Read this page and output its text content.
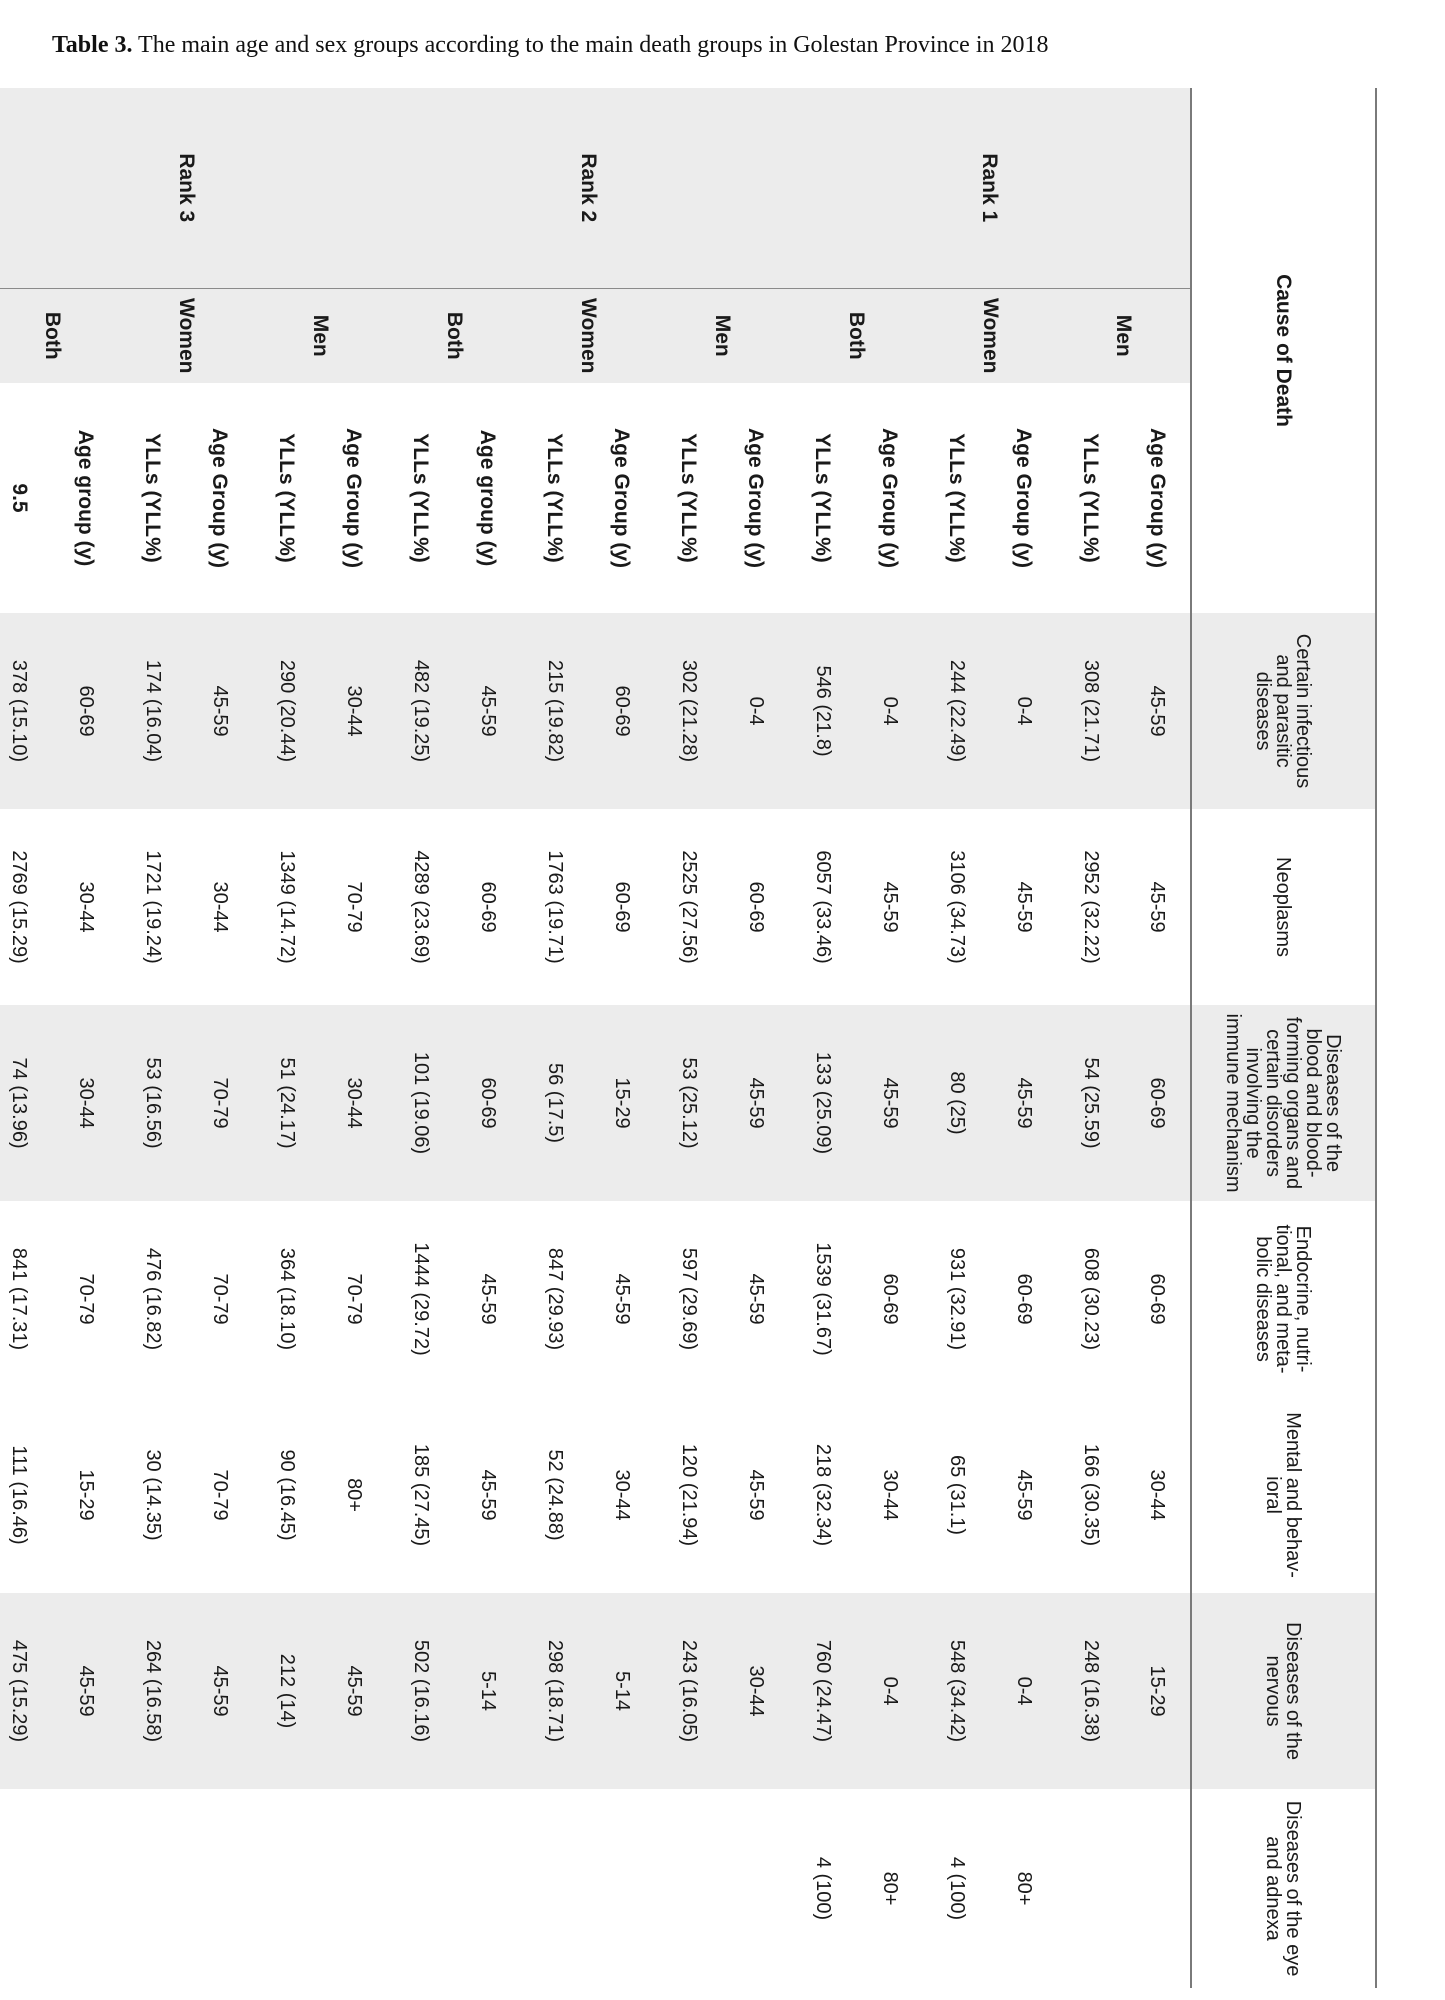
Table 3. The main age and sex groups according to the main death groups in Golestan Province in 2018
Cause of Death			Certain infectious and parasitic diseases	Neoplasms	Diseases of the blood and blood-forming organs and certain disorders involving the immune mechanism	Endocrine, nutri-tional, and meta-bolic diseases	Mental and behav-ioral	Diseases of the nervous	Diseases of the eye and adnexa
Rank 1	Men	Age Group (y)	45-59	45-59	60-69	60-69	30-44	15-29	
		YLLs (YLL%)	308 (21.71)	2952 (32.22)	54 (25.59)	608 (30.23)	166 (30.35)	248 (16.38)	
	Women	Age Group (y)	0-4	45-59	45-59	60-69	45-59	0-4	80+
		YLLs (YLL%)	244 (22.49)	3106 (34.73)	80 (25)	931 (32.91)	65 (31.1)	548 (34.42)	4 (100)
	Both	Age Group (y)	0-4	45-59	45-59	60-69	30-44	0-4	80+
		YLLs (YLL%)	546 (21.8)	6057 (33.46)	133 (25.09)	1539 (31.67)	218 (32.34)	760 (24.47)	4 (100)
Rank 2	Men	Age Group (y)	0-4	60-69	45-59	45-59	45-59	30-44	
		YLLs (YLL%)	302 (21.28)	2525 (27.56)	53 (25.12)	597 (29.69)	120 (21.94)	243 (16.05)	
	Women	Age Group (y)	60-69	60-69	15-29	45-59	30-44	5-14	
		YLLs (YLL%)	215 (19.82)	1763 (19.71)	56 (17.5)	847 (29.93)	52 (24.88)	298 (18.71)	
	Both	Age group (y)	45-59	60-69	60-69	45-59	45-59	5-14	
		YLLs (YLL%)	482 (19.25)	4289 (23.69)	101 (19.06)	1444 (29.72)	185 (27.45)	502 (16.16)	
Rank 3	Men	Age Group (y)	30-44	70-79	30-44	70-79	80+	45-59	
		YLLs (YLL%)	290 (20.44)	1349 (14.72)	51 (24.17)	364 (18.10)	90 (16.45)	212 (14)	
	Women	Age Group (y)	45-59	30-44	70-79	70-79	70-79	45-59	
		YLLs (YLL%)	174 (16.04)	1721 (19.24)	53 (16.56)	476 (16.82)	30 (14.35)	264 (16.58)	
	Both	Age group (y)	60-69	30-44	30-44	70-79	15-29	45-59	
		9.5	378 (15.10)	2769 (15.29)	74 (13.96)	841 (17.31)	111 (16.46)	475 (15.29)	
